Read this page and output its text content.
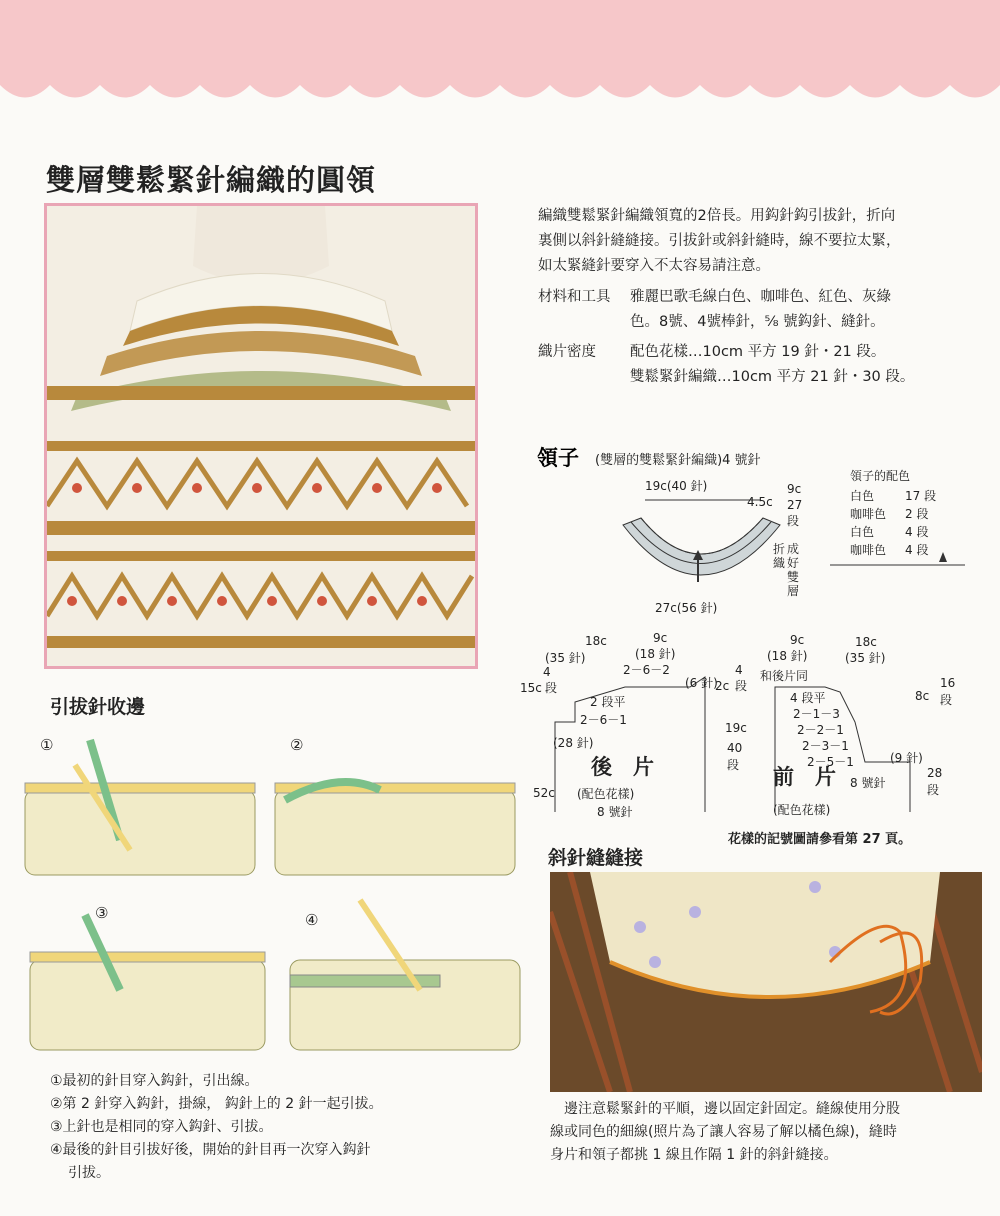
雙層雙鬆緊針編織的圓領

編織雙鬆緊針編織領寬的2倍長。用鈎針鈎引拔針，折向

裏側以斜針縫縫接。引拔針或斜針縫時，線不要拉太緊，

如太緊縫針要穿入不太容易請注意。

材料和工具	雅麗巴歌毛線白色、咖啡色、紅色、灰綠
色。8號、4號棒針，⅝ 號鈎針、縫針。
織片密度	配色花樣…10cm 平方 19 針・21 段。
雙鬆緊針編織…10cm 平方 21 針・30 段。
領子 (雙層的雙鬆緊針編織)4 號針
19c(40 針)
4.5c
9c
27
段
折
織
成
好
雙
層
27c(56 針)
領子的配色
白色	17 段
咖啡色 2 段
白色	4 段
咖啡色 4 段
18c
(35 針)
9c
(18 針)
2－6－2
(6 針)
4
15c 段
2 段平
2－6－1
(28 針)
2c
4
段
後　片
(配色花樣)
8 號針
52c
19c
40
段
9c
(18 針)
和後片同
18c
(35 針)
4 段平
2－1－3
2－2－1
2－3－1
2－5－1	(9 針)
8c
16
段
28
段
前　片 8 號針
(配色花樣)
花樣的記號圖請參看第 27 頁。
引拔針收邊
①	②
③	④
①最初的針目穿入鈎針，引出線。
②第 2 針穿入鈎針，掛線， 鈎針上的 2 針一起引拔。
③上針也是相同的穿入鈎針、引拔。
④最後的針目引拔好後，開始的針目再一次穿入鈎針
引拔。
斜針縫縫接
邊注意鬆緊針的平順，邊以固定針固定。縫線使用分股
線或同色的細線(照片為了讓人容易了解以橘色線)，縫時
身片和領子都挑 1 線且作隔 1 針的斜針縫接。
